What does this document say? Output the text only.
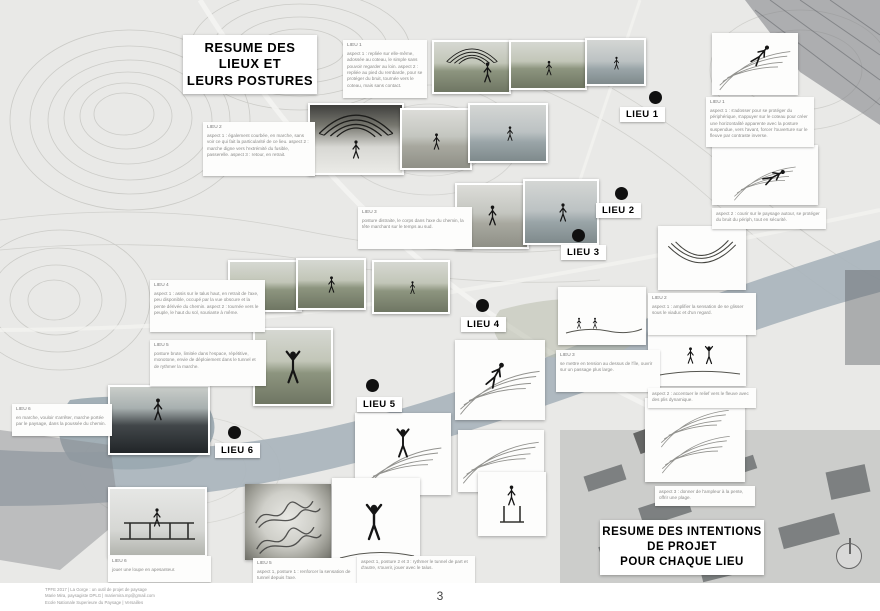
LIEU 1
aspect 1 : repliée sur elle-même, adossée au coteau, le simple sans pouvoir regarder au loin. aspect 2 : repliée au pied du rembarde, pour se protéger du bruit, tournée vers le coteau, mais sans contact.
LIEU 2
aspect 1 : également courbée, en marche, sans voir ce qui fait la particularité de ce lieu. aspect 2 : marche digne vers l'extrémité du fusible, passerelle. aspect 3 : retour, en retrait.
LIEU 3
posture distraite, le corps dans l'axe du chemin, la tête marchant sur le temps au sud.
LIEU 4
aspect 1 : assis sur le talus haut, en retrait de l'axe, peu disponible, occupé par la vue obscure et la pente dérivée du chemin. aspect 2 : tournée vers le peuple, le haut du sol, souriante à même.
LIEU 5
posture brute, limitée dans l'espace, répétitive, monotone, envie de déploiement dans le tunnel et de rythmer la marche.
LIEU 6
en marche, vouloir s'arrêter, marche portée par le paysage, dans la poussée du chemin.
LIEU 1
aspect 1 : s'adosser pour se protéger du périphérique, s'appuyer sur le coteau pour créer une horizontalité apparente avec la posture suspendue, vers l'avant, forcer l'ouverture sur le fleuve par contraste inverse.
aspect 2 : courir sur le paysage autour, se protéger du bruit du périph, tout en sécurité.
LIEU 2
aspect 1 : amplifier la sensation de se glisser sous le viaduc et d'un regard.
LIEU 3
se mettre en tension au dessus de l'île, ouvrir sur un passage plus large.
aspect 2 : accentuer le relief vers le fleuve avec des plis dynamique.
aspect 3 : donner de l'ampleur à la pente, offrir une plage.
LIEU 5
aspect 1, posture 1 : renforcer la sensation de tunnel depuis l'axe.
aspect 1, posture 2 et 3 : rythmer le tunnel de part et d'autre, s'ouvrir, jouer avec le talus.
LIEU 6
jouer une loupe en apesanteur.
LIEU 1
LIEU 2
LIEU 3
LIEU 4
LIEU 5
LIEU 6
RESUME DES LIEUX ET
LEURS POSTURES
RESUME DES INTENTIONS
DE PROJET
POUR CHAQUE LIEU
TPFE 2017 | La Gorge : un outil de projet de paysage
Marie Mira, paysagiste DPLG | mariemira.mp@gmail.com
Ecole Nationale Superieure du Paysage | Versailles	3
